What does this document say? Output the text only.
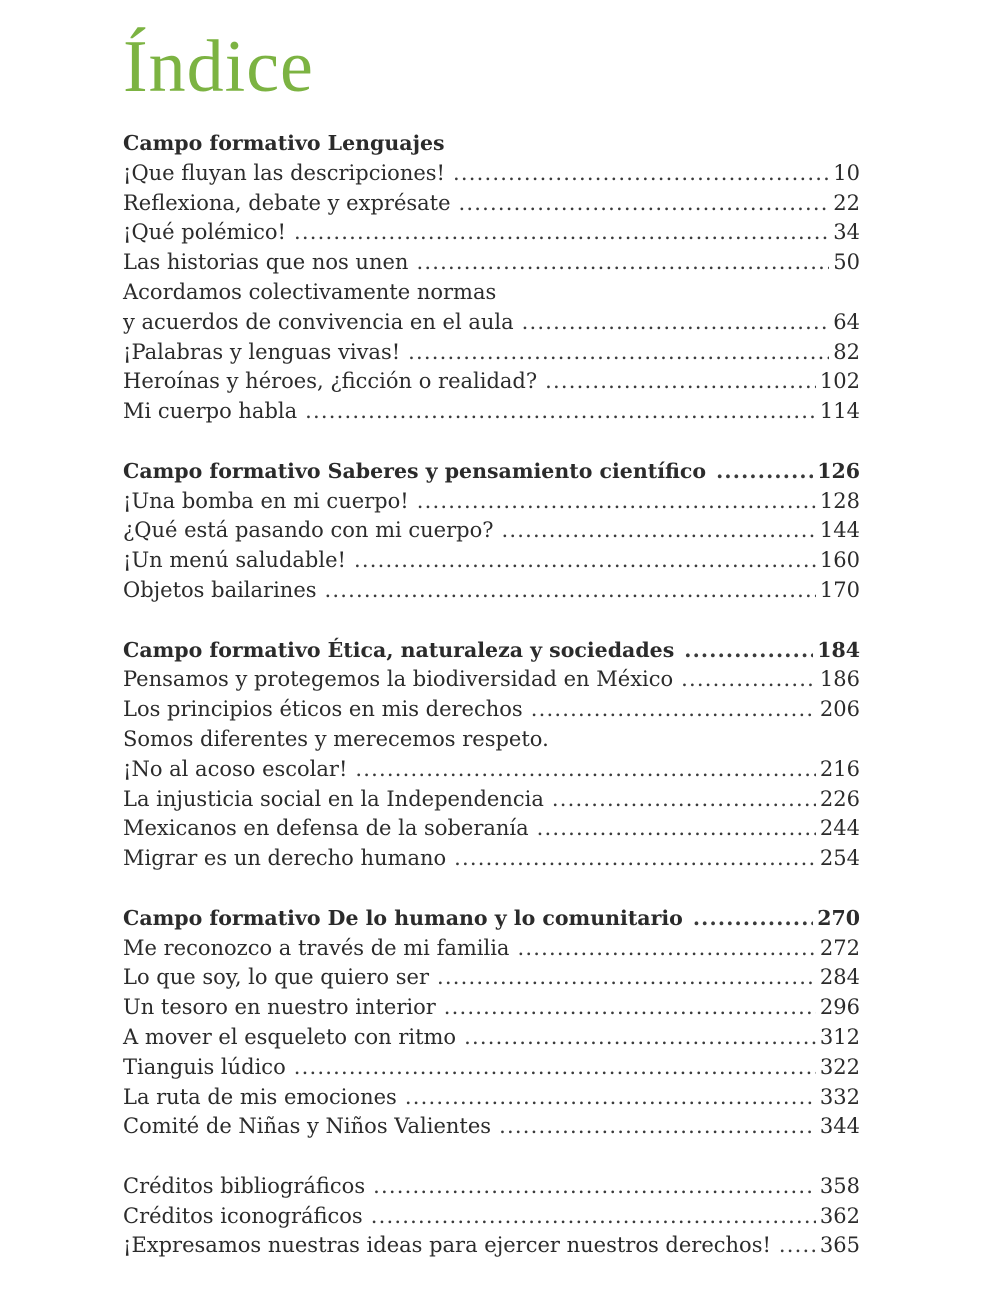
Índice
Campo formativo Lenguajes
¡Que fluyan las descripciones! .....	10
Reflexiona, debate y exprésate .....	22
¡Qué polémico! .....	34
Las historias que nos unen .....	50
Acordamos colectivamente normas
y acuerdos de convivencia en el aula .....	64
¡Palabras y lenguas vivas! .....	82
Heroínas y héroes, ¿ficción o realidad? .....	102
Mi cuerpo habla .....	114
Campo formativo Saberes y pensamiento científico .....	126
¡Una bomba en mi cuerpo! .....	128
¿Qué está pasando con mi cuerpo? .....	144
¡Un menú saludable! .....	160
Objetos bailarines .....	170
Campo formativo Ética, naturaleza y sociedades .....	184
Pensamos y protegemos la biodiversidad en México .....	186
Los principios éticos en mis derechos .....	206
Somos diferentes y merecemos respeto.
¡No al acoso escolar! .....	216
La injusticia social en la Independencia .....	226
Mexicanos en defensa de la soberanía .....	244
Migrar es un derecho humano .....	254
Campo formativo De lo humano y lo comunitario .....	270
Me reconozco a través de mi familia .....	272
Lo que soy, lo que quiero ser .....	284
Un tesoro en nuestro interior .....	296
A mover el esqueleto con ritmo .....	312
Tianguis lúdico .....	322
La ruta de mis emociones .....	332
Comité de Niñas y Niños Valientes .....	344
Créditos bibliográficos .....	358
Créditos iconográficos .....	362
¡Expresamos nuestras ideas para ejercer nuestros derechos! ..... 365
